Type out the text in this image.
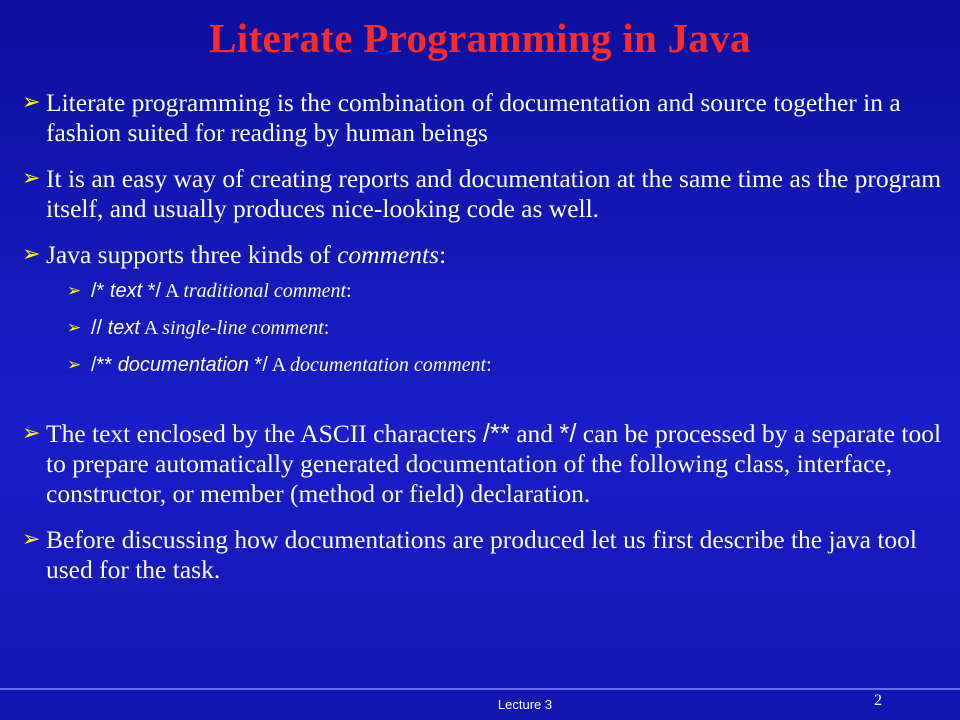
Literate Programming in Java
➢ Literate programming is the combination of documentation and source together in a fashion suited for reading by human beings
➢ It is an easy way of creating reports and documentation at the same time as the program itself, and usually produces nice-looking code as well.
➢ Java supports three kinds of comments:
➢ /* text */ A traditional comment:
➢ // text A single-line comment:
➢ /** documentation */ A documentation comment:
➢ The text enclosed by the ASCII characters /** and */ can be processed by a separate tool to prepare automatically generated documentation of the following class, interface, constructor, or member (method or field) declaration.
➢ Before discussing how documentations are produced let us first describe the java tool used for the task.
Lecture 3	2
